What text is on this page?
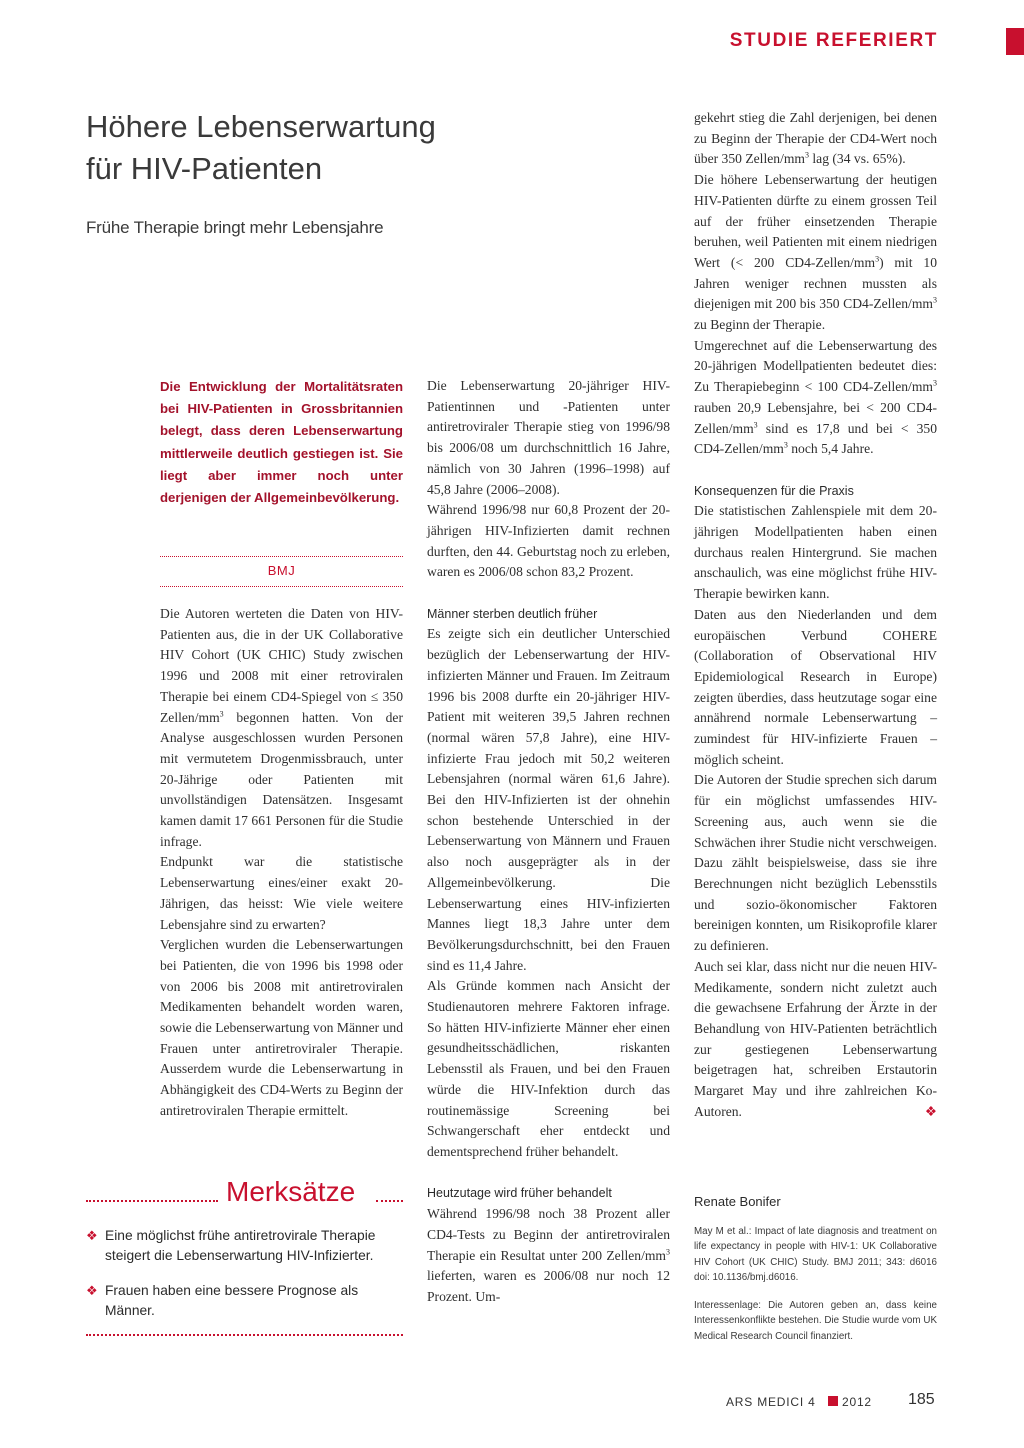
STUDIE REFERIERT
Höhere Lebenserwartung
für HIV-Patienten
Frühe Therapie bringt mehr Lebensjahre
Die Entwicklung der Mortalitätsraten bei HIV-Patienten in Grossbritannien belegt, dass deren Lebenserwartung mittlerweile deutlich gestiegen ist. Sie liegt aber immer noch unter derjenigen der Allgemeinbevölkerung.
BMJ

Die Autoren werteten die Daten von HIV-Patienten aus, die in der UK Collaborative HIV Cohort (UK CHIC) Study zwischen 1996 und 2008 mit einer retroviralen Therapie bei einem CD4-Spiegel von ≤ 350 Zellen/$mm^3$ begonnen hatten. Von der Analyse ausgeschlossen wurden Personen mit vermutetem Drogenmissbrauch, unter 20-Jährige oder Patienten mit unvollständigen Datensätzen. Insgesamt kamen damit 17 661 Personen für die Studie infrage.

Endpunkt war die statistische Lebenserwartung eines/einer exakt 20-Jährigen, das heisst: Wie viele weitere Lebensjahre sind zu erwarten?

Verglichen wurden die Lebenserwartungen bei Patienten, die von 1996 bis 1998 oder von 2006 bis 2008 mit antiretroviralen Medikamenten behandelt worden waren, sowie die Lebenserwartung von Männer und Frauen unter antiretroviraler Therapie. Ausserdem wurde die Lebenserwartung in Abhängigkeit des CD4-Werts zu Beginn der antiretroviralen Therapie ermittelt.

Die Lebenserwartung 20-jähriger HIV-Patientinnen und -Patienten unter antiretroviraler Therapie stieg von 1996/98 bis 2006/08 um durchschnittlich 16 Jahre, nämlich von 30 Jahren (1996–1998) auf 45,8 Jahre (2006–2008).

Während 1996/98 nur 60,8 Prozent der 20-jährigen HIV-Infizierten damit rechnen durften, den 44. Geburtstag noch zu erleben, waren es 2006/08 schon 83,2 Prozent.

Männer sterben deutlich früher

Es zeigte sich ein deutlicher Unterschied bezüglich der Lebenserwartung der HIV-infizierten Männer und Frauen. Im Zeitraum 1996 bis 2008 durfte ein 20-jähriger HIV-Patient mit weiteren 39,5 Jahren rechnen (normal wären 57,8 Jahre), eine HIV-infizierte Frau jedoch mit 50,2 weiteren Lebensjahren (normal wären 61,6 Jahre). Bei den HIV-Infizierten ist der ohnehin schon bestehende Unterschied in der Lebenserwartung von Männern und Frauen also noch ausgeprägter als in der Allgemeinbevölkerung. Die Lebenserwartung eines HIV-infizierten Mannes liegt 18,3 Jahre unter dem Bevölkerungsdurchschnitt, bei den Frauen sind es 11,4 Jahre.

Als Gründe kommen nach Ansicht der Studienautoren mehrere Faktoren infrage. So hätten HIV-infizierte Männer eher einen gesundheitsschädlichen, riskanten Lebensstil als Frauen, und bei den Frauen würde die HIV-Infektion durch das routinemässige Screening bei Schwangerschaft eher entdeckt und dementsprechend früher behandelt.

Heutzutage wird früher behandelt

Während 1996/98 noch 38 Prozent aller CD4-Tests zu Beginn der antiretroviralen Therapie ein Resultat unter 200 Zellen/$mm^3$ lieferten, waren es 2006/08 nur noch 12 Prozent. Um-

gekehrt stieg die Zahl derjenigen, bei denen zu Beginn der Therapie der CD4-Wert noch über 350 Zellen/$mm^3$ lag (34 vs. 65%).

Die höhere Lebenserwartung der heutigen HIV-Patienten dürfte zu einem grossen Teil auf der früher einsetzenden Therapie beruhen, weil Patienten mit einem niedrigen Wert (< 200 $CD4-Zellen/mm^3$) mit 10 Jahren weniger rechnen mussten als diejenigen mit 200 bis 350 $CD4-Zellen/mm^3$ zu Beginn der Therapie.

Umgerechnet auf die Lebenserwartung des 20-jährigen Modellpatienten bedeutet dies: Zu Therapiebeginn < 100 $CD4-Zellen/mm^3$ rauben 20,9 Lebensjahre, bei < 200 $CD4-Zellen/mm^3$ sind es 17,8 und bei < 350 $CD4-Zellen/mm^3$ noch 5,4 Jahre.

Konsequenzen für die Praxis

Die statistischen Zahlenspiele mit dem 20-jährigen Modellpatienten haben einen durchaus realen Hintergrund. Sie machen anschaulich, was eine möglichst frühe HIV-Therapie bewirken kann.

Daten aus den Niederlanden und dem europäischen Verbund COHERE (Collaboration of Observational HIV Epidemiological Research in Europe) zeigten überdies, dass heutzutage sogar eine annährend normale Lebenserwartung – zumindest für HIV-infizierte Frauen – möglich scheint.

Die Autoren der Studie sprechen sich darum für ein möglichst umfassendes HIV-Screening aus, auch wenn sie die Schwächen ihrer Studie nicht verschweigen. Dazu zählt beispielsweise, dass sie ihre Berechnungen nicht bezüglich Lebensstils und sozio-ökonomischer Faktoren bereinigen konnten, um Risikoprofile klarer zu definieren.

Auch sei klar, dass nicht nur die neuen HIV-Medikamente, sondern nicht zuletzt auch die gewachsene Erfahrung der Ärzte in der Behandlung von HIV-Patienten beträchtlich zur gestiegenen Lebenserwartung beigetragen hat, schreiben Erstautorin Margaret May und ihre zahlreichen Ko-Autoren.	❖

Merksätze
❖ Eine möglichst frühe antiretrovirale Therapie steigert die Lebenserwartung HIV-Infizierter.
❖ Frauen haben eine bessere Prognose als Männer.
Renate Bonifer
May M et al.: Impact of late diagnosis and treatment on life expectancy in people with HIV-1: UK Collaborative HIV Cohort (UK CHIC) Study. BMJ 2011; 343: d6016 doi: 10.1136/bmj.d6016.
Interessenlage: Die Autoren geben an, dass keine Interessenkonflikte bestehen. Die Studie wurde vom UK Medical Research Council finanziert.
ARS MEDICI 4 2012 185
